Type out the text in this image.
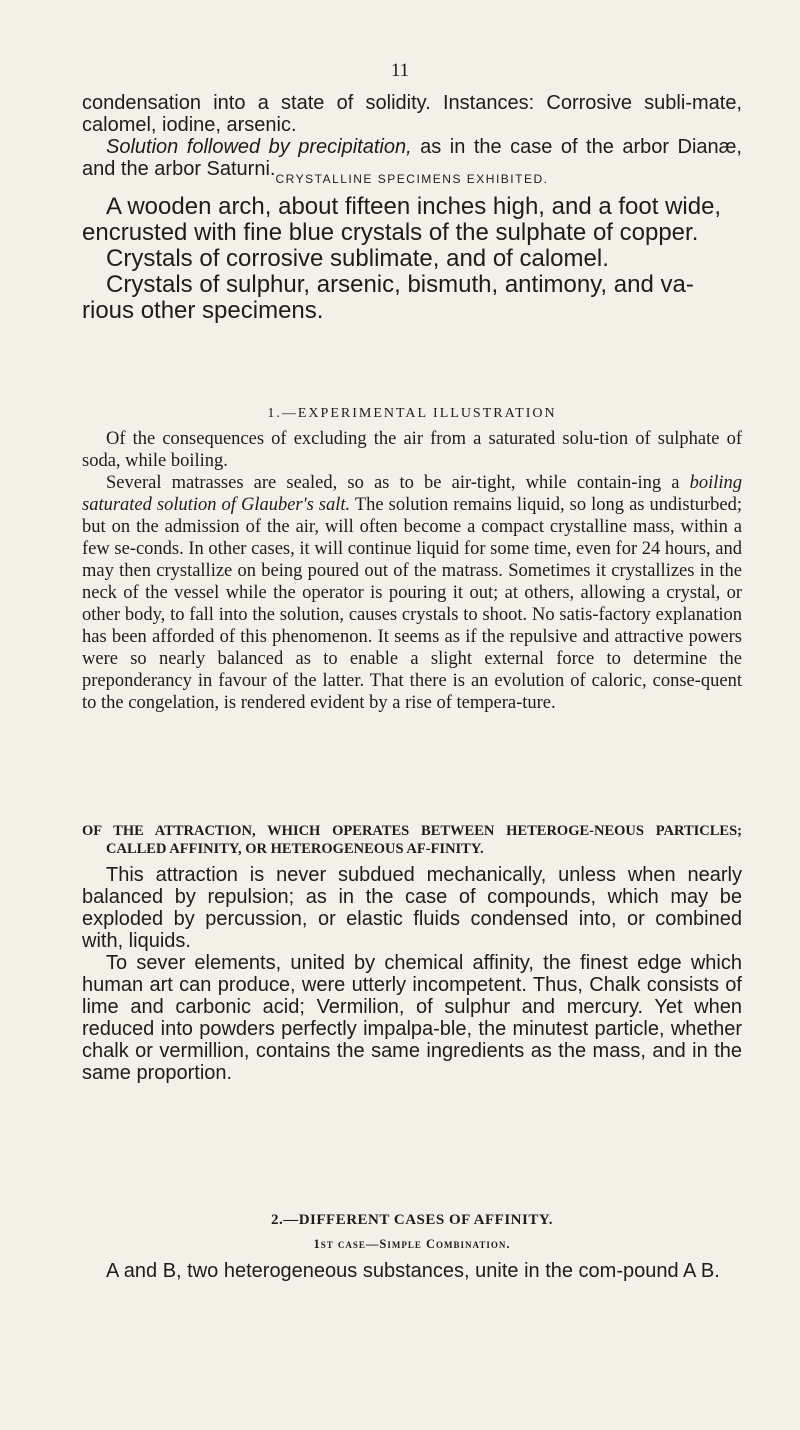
11

condensation into a state of solidity. Instances: Corrosive subli-mate, calomel, iodine, arsenic.

Solution followed by precipitation, as in the case of the arbor Dianæ, and the arbor Saturni. CRYSTALLINE SPECIMENS EXHIBITED.

A wooden arch, about fifteen inches high, and a foot wide, encrusted with fine blue crystals of the sulphate of copper.

Crystals of corrosive sublimate, and of calomel.

Crystals of sulphur, arsenic, bismuth, antimony, and va-rious other specimens.

1.—EXPERIMENTAL ILLUSTRATION

Of the consequences of excluding the air from a saturated solu-tion of sulphate of soda, while boiling.

Several matrasses are sealed, so as to be air-tight, while contain-ing a boiling saturated solution of Glauber's salt. The solution remains liquid, so long as undisturbed; but on the admission of the air, will often become a compact crystalline mass, within a few se-conds. In other cases, it will continue liquid for some time, even for 24 hours, and may then crystallize on being poured out of the matrass. Sometimes it crystallizes in the neck of the vessel while the operator is pouring it out; at others, allowing a crystal, or other body, to fall into the solution, causes crystals to shoot. No satis-factory explanation has been afforded of this phenomenon. It seems as if the repulsive and attractive powers were so nearly balanced as to enable a slight external force to determine the preponderancy in favour of the latter. That there is an evolution of caloric, conse-quent to the congelation, is rendered evident by a rise of tempera-ture.

OF THE ATTRACTION, WHICH OPERATES BETWEEN HETEROGE-NEOUS PARTICLES; CALLED AFFINITY, OR HETEROGENEOUS AF-FINITY.

This attraction is never subdued mechanically, unless when nearly balanced by repulsion; as in the case of compounds, which may be exploded by percussion, or elastic fluids condensed into, or combined with, liquids.

To sever elements, united by chemical affinity, the finest edge which human art can produce, were utterly incompetent. Thus, Chalk consists of lime and carbonic acid; Vermilion, of sulphur and mercury. Yet when reduced into powders perfectly impalpa-ble, the minutest particle, whether chalk or vermillion, contains the same ingredients as the mass, and in the same proportion.

2.—DIFFERENT CASES OF AFFINITY.
1st case—Simple Combination.

A and B, two heterogeneous substances, unite in the com-pound A B.
